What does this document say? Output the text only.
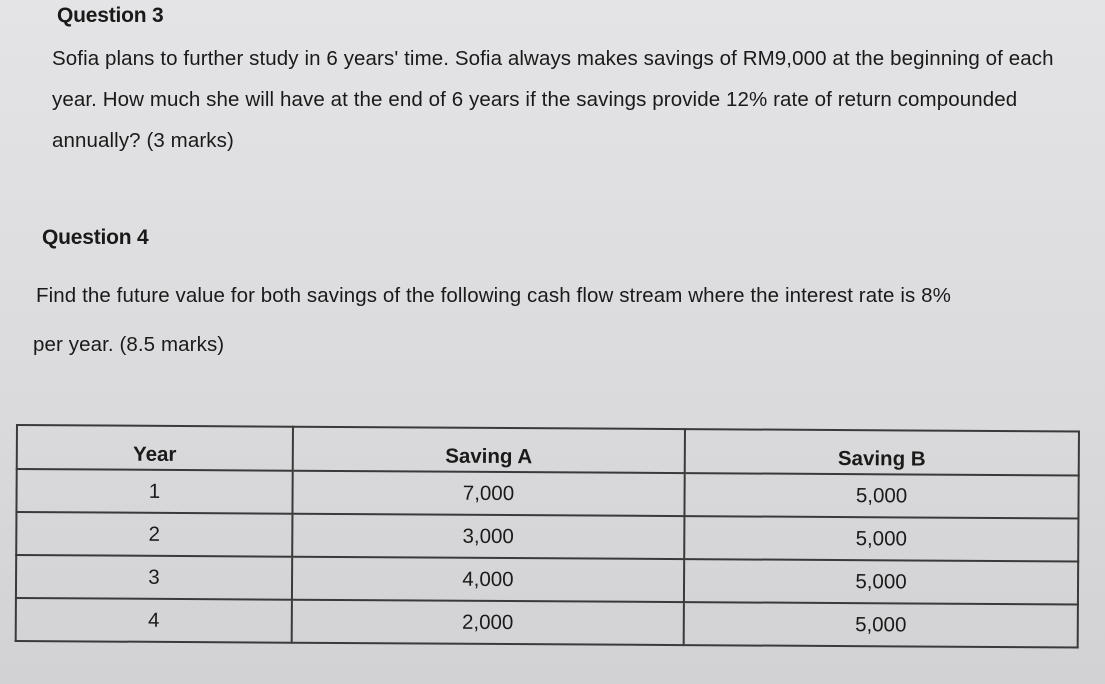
Question 3
Sofia plans to further study in 6 years' time. Sofia always makes savings of RM9,000 at the beginning of each year. How much she will have at the end of 6 years if the savings provide 12% rate of return compounded annually? (3 marks)
Question 4
Find the future value for both savings of the following cash flow stream where the interest rate is 8%
per year. (8.5 marks)
Year	Saving A	Saving B
1	7,000	5,000
2	3,000	5,000
3	4,000	5,000
4	2,000	5,000
